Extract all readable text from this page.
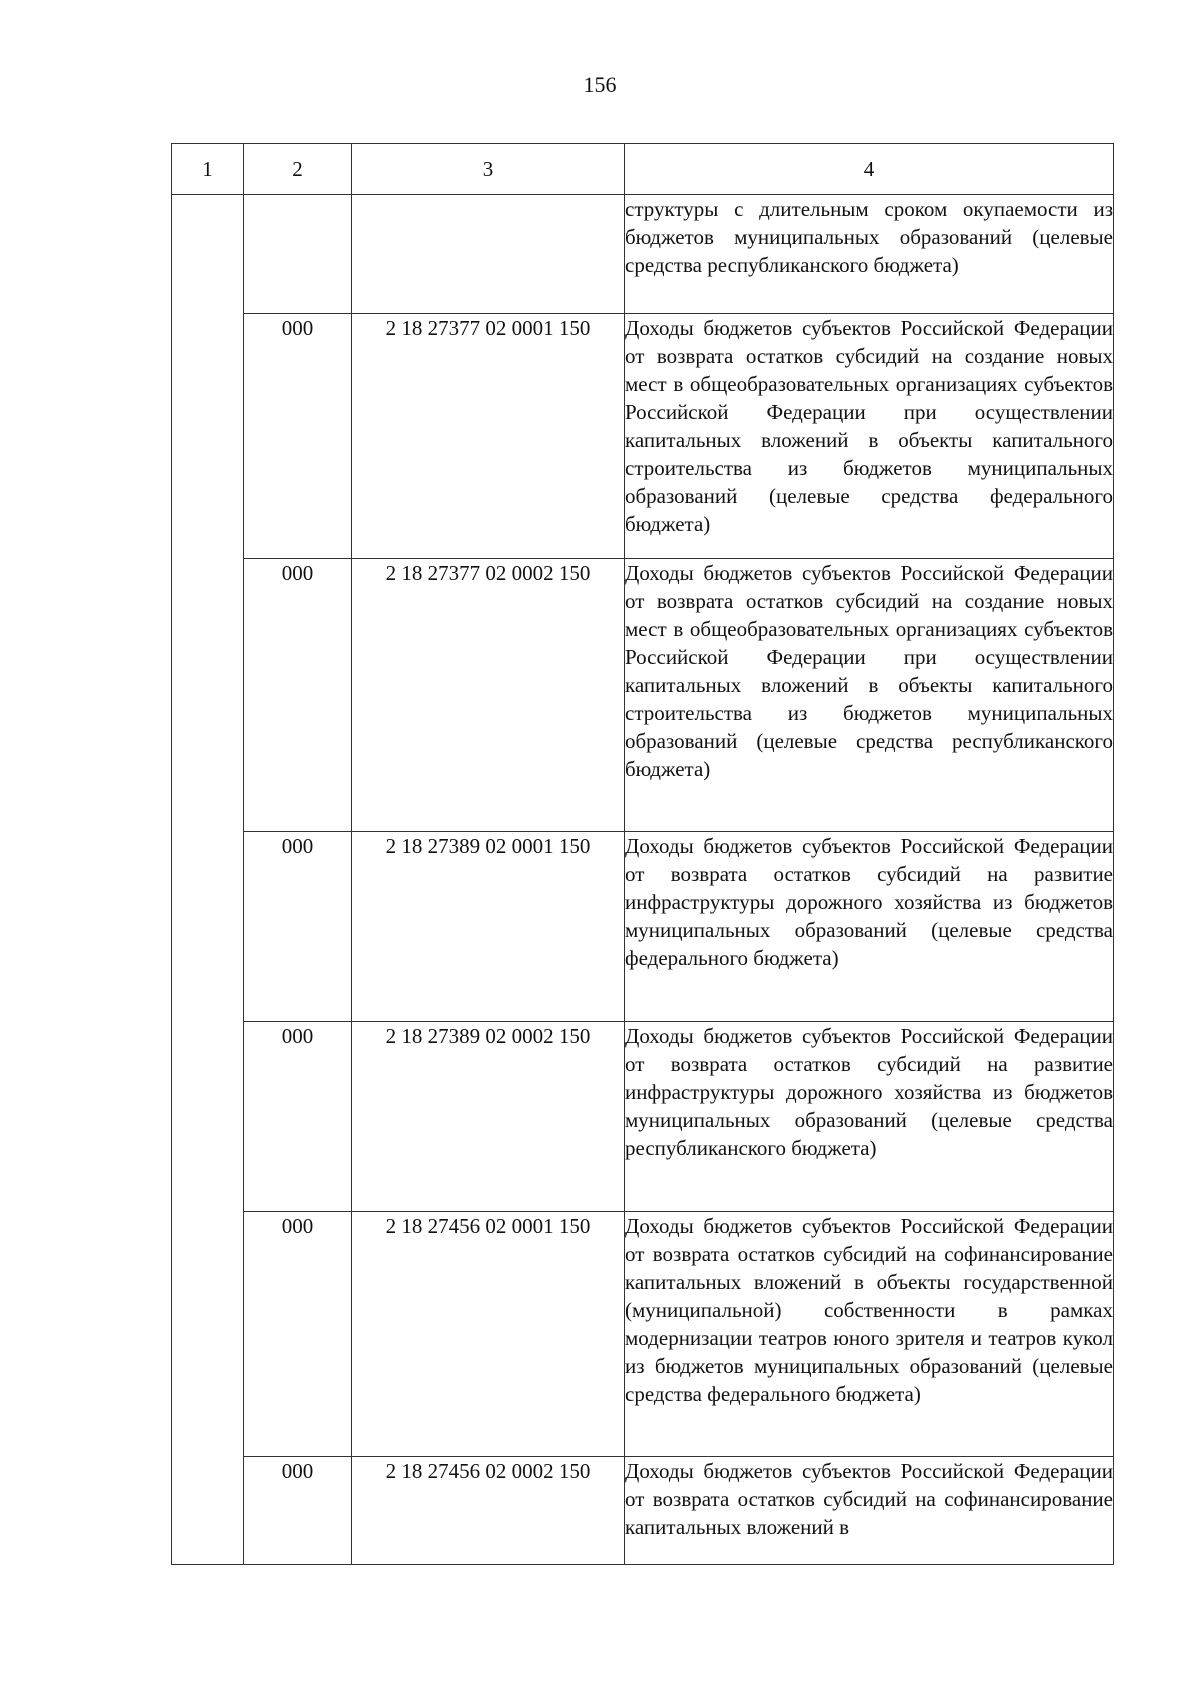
156
1	2	3	4
			структуры с длительным сроком окупаемости из бюджетов муниципальных образований (целевые средства республиканского бюджета)
	000	2 18 27377 02 0001 150	Доходы бюджетов субъектов Российской Федерации от возврата остатков субсидий на создание новых мест в общеобразовательных организациях субъектов Российской Федерации при осуществлении капитальных вложений в объекты капитального строительства из бюджетов муниципальных образований (целевые средства федерального бюджета)
	000	2 18 27377 02 0002 150	Доходы бюджетов субъектов Российской Федерации от возврата остатков субсидий на создание новых мест в общеобразовательных организациях субъектов Российской Федерации при осуществлении капитальных вложений в объекты капитального строительства из бюджетов муниципальных образований (целевые средства республиканского бюджета)
	000	2 18 27389 02 0001 150	Доходы бюджетов субъектов Российской Федерации от возврата остатков субсидий на развитие инфраструктуры дорожного хозяйства из бюджетов муниципальных образований (целевые средства федерального бюджета)
	000	2 18 27389 02 0002 150	Доходы бюджетов субъектов Российской Федерации от возврата остатков субсидий на развитие инфраструктуры дорожного хозяйства из бюджетов муниципальных образований (целевые средства республиканского бюджета)
	000	2 18 27456 02 0001 150	Доходы бюджетов субъектов Российской Федерации от возврата остатков субсидий на софинансирование капитальных вложений в объекты государственной (муниципальной) собственности в рамках модернизации театров юного зрителя и театров кукол из бюджетов муниципальных образований (целевые средства федерального бюджета)
	000	2 18 27456 02 0002 150	Доходы бюджетов субъектов Российской Федерации от возврата остатков субсидий на софинансирование капитальных вложений в
